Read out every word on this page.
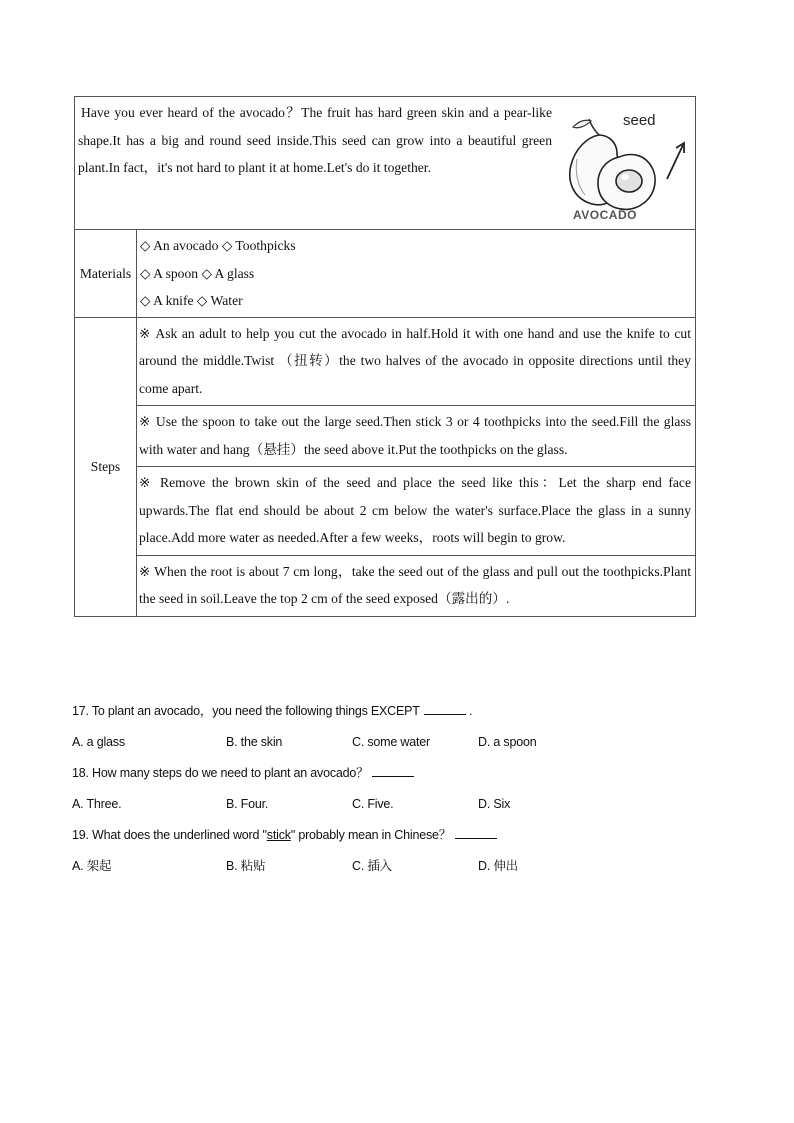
Have you ever heard of the avocado？The fruit has hard green skin and a pear-like shape.It has a big and round seed inside.This seed can grow into a beautiful green plant.In fact，it's not hard to plant it at home.Let's do it together.
seed
AVOCADO	

Materials	◇ An avocado ◇ Toothpicks
◇ A spoon ◇ A glass
◇ A knife ◇ Water

Steps	※ Ask an adult to help you cut the avocado in half.Hold it with one hand and use the knife to cut around the middle.Twist （扭转）the two halves of the avocado in opposite directions until they come apart.
	※ Use the spoon to take out the large seed.Then stick 3 or 4 toothpicks into the seed.Fill the glass with water and hang（悬挂）the seed above it.Put the toothpicks on the glass.
	※ Remove the brown skin of the seed and place the seed like this：Let the sharp end face upwards.The flat end should be about 2 cm below the water's surface.Place the glass in a sunny place.Add more water as needed.After a few weeks，roots will begin to grow.
	※ When the root is about 7 cm long，take the seed out of the glass and pull out the toothpicks.Plant the seed in soil.Leave the top 2 cm of the seed exposed（露出的）.
17. To plant an avocado，you need the following things EXCEPT	.
A. a glass	B. the skin	C. some water	D. a spoon
18. How many steps do we need to plant an avocado？
A. Three.	B. Four.	C. Five.	D. Six
19. What does the underlined word "stick" probably mean in Chinese？
A. 架起	B. 粘贴	C. 插入	D. 伸出
